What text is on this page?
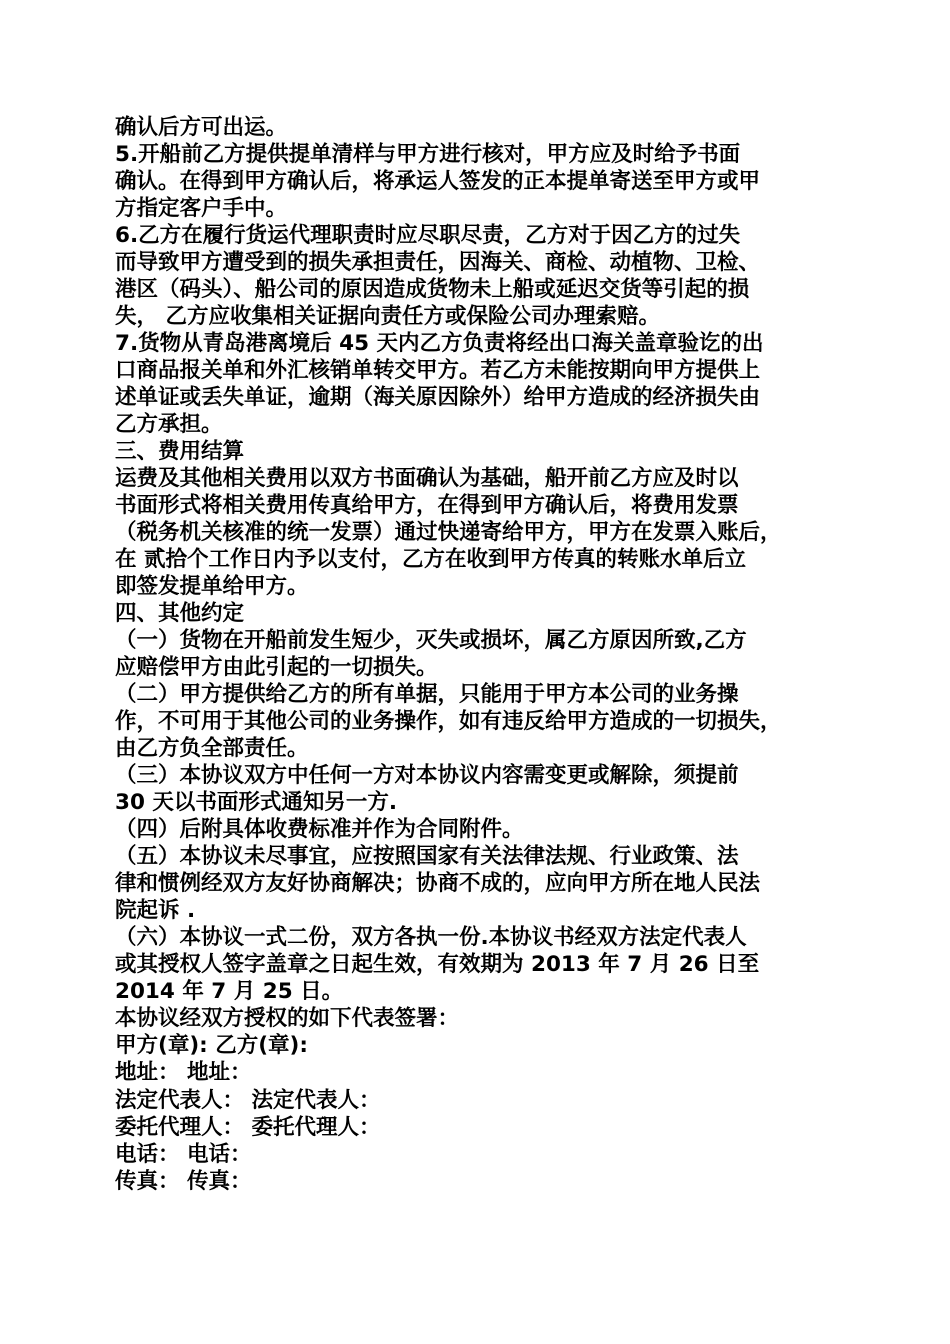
确认后方可出运。
5.开船前乙方提供提单清样与甲方进行核对，甲方应及时给予书面
确认。在得到甲方确认后，将承运人签发的正本提单寄送至甲方或甲
方指定客户手中。
6.乙方在履行货运代理职责时应尽职尽责，乙方对于因乙方的过失
而导致甲方遭受到的损失承担责任，因海关、商检、动植物、卫检、
港区（码头）、船公司的原因造成货物未上船或延迟交货等引起的损
失， 乙方应收集相关证据向责任方或保险公司办理索赔。
7.货物从青岛港离境后 45 天内乙方负责将经出口海关盖章验讫的出
口商品报关单和外汇核销单转交甲方。若乙方未能按期向甲方提供上
述单证或丢失单证，逾期（海关原因除外）给甲方造成的经济损失由
乙方承担。
三、费用结算
运费及其他相关费用以双方书面确认为基础，船开前乙方应及时以
书面形式将相关费用传真给甲方，在得到甲方确认后，将费用发票
（税务机关核准的统一发票）通过快递寄给甲方，甲方在发票入账后，
在 贰拾个工作日内予以支付，乙方在收到甲方传真的转账水单后立
即签发提单给甲方。
四、其他约定
（一）货物在开船前发生短少，灭失或损坏，属乙方原因所致,乙方
应赔偿甲方由此引起的一切损失。
（二）甲方提供给乙方的所有单据，只能用于甲方本公司的业务操
作，不可用于其他公司的业务操作，如有违反给甲方造成的一切损失，
由乙方负全部责任。
（三）本协议双方中任何一方对本协议内容需变更或解除，须提前
30 天以书面形式通知另一方.
（四）后附具体收费标准并作为合同附件。
（五）本协议未尽事宜，应按照国家有关法律法规、行业政策、法
律和惯例经双方友好协商解决；协商不成的，应向甲方所在地人民法
院起诉 .
（六）本协议一式二份，双方各执一份.本协议书经双方法定代表人
或其授权人签字盖章之日起生效，有效期为 2013 年 7 月 26 日至
2014 年 7 月 25 日。
本协议经双方授权的如下代表签署：
甲方(章): 乙方(章):
地址： 地址：
法定代表人： 法定代表人：
委托代理人： 委托代理人：
电话： 电话：
传真： 传真：
